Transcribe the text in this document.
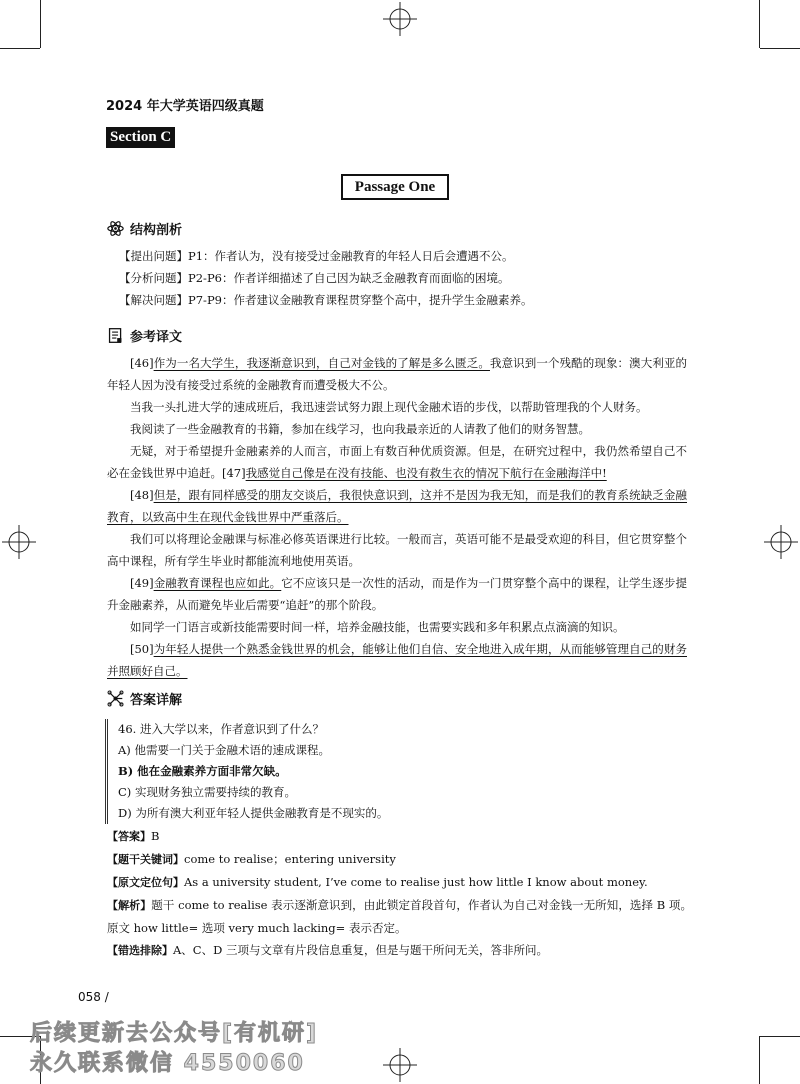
2024 年大学英语四级真题
Section C
Passage One
结构剖析
【提出问题】P1：作者认为，没有接受过金融教育的年轻人日后会遭遇不公。
【分析问题】P2-P6：作者详细描述了自己因为缺乏金融教育而面临的困境。
【解决问题】P7-P9：作者建议金融教育课程贯穿整个高中，提升学生金融素养。
参考译文

[46]作为一名大学生，我逐渐意识到，自己对金钱的了解是多么匮乏。我意识到一个残酷的现象：澳大利亚的年轻人因为没有接受过系统的金融教育而遭受极大不公。

当我一头扎进大学的速成班后，我迅速尝试努力跟上现代金融术语的步伐，以帮助管理我的个人财务。

我阅读了一些金融教育的书籍，参加在线学习，也向我最亲近的人请教了他们的财务智慧。

无疑，对于希望提升金融素养的人而言，市面上有数百种优质资源。但是，在研究过程中，我仍然希望自己不必在金钱世界中追赶。[47]我感觉自己像是在没有技能、也没有救生衣的情况下航行在金融海洋中!

[48]但是，跟有同样感受的朋友交谈后，我很快意识到，这并不是因为我无知，而是我们的教育系统缺乏金融教育，以致高中生在现代金钱世界中严重落后。

我们可以将理论金融课与标准必修英语课进行比较。一般而言，英语可能不是最受欢迎的科目，但它贯穿整个高中课程，所有学生毕业时都能流利地使用英语。

[49]金融教育课程也应如此。它不应该只是一次性的活动，而是作为一门贯穿整个高中的课程，让学生逐步提升金融素养，从而避免毕业后需要“追赶”的那个阶段。

如同学一门语言或新技能需要时间一样，培养金融技能，也需要实践和多年积累点点滴滴的知识。

[50]为年轻人提供一个熟悉金钱世界的机会，能够让他们自信、安全地进入成年期，从而能够管理自己的财务并照顾好自己。

答案详解
46. 进入大学以来，作者意识到了什么？
A) 他需要一门关于金融术语的速成课程。
B) 他在金融素养方面非常欠缺。
C) 实现财务独立需要持续的教育。
D) 为所有澳大利亚年轻人提供金融教育是不现实的。

【答案】B

【题干关键词】come to realise；entering university

【原文定位句】As a university student, I’ve come to realise just how little I know about money.

【解析】题干 come to realise 表示逐渐意识到，由此锁定首段首句，作者认为自己对金钱一无所知，选择 B 项。原文 how little= 选项 very much lacking= 表示否定。

【错选排除】A、C、D 三项与文章有片段信息重复，但是与题干所问无关，答非所问。

058 /
后续更新去公众号[有机研]
永久联系微信 4550060
